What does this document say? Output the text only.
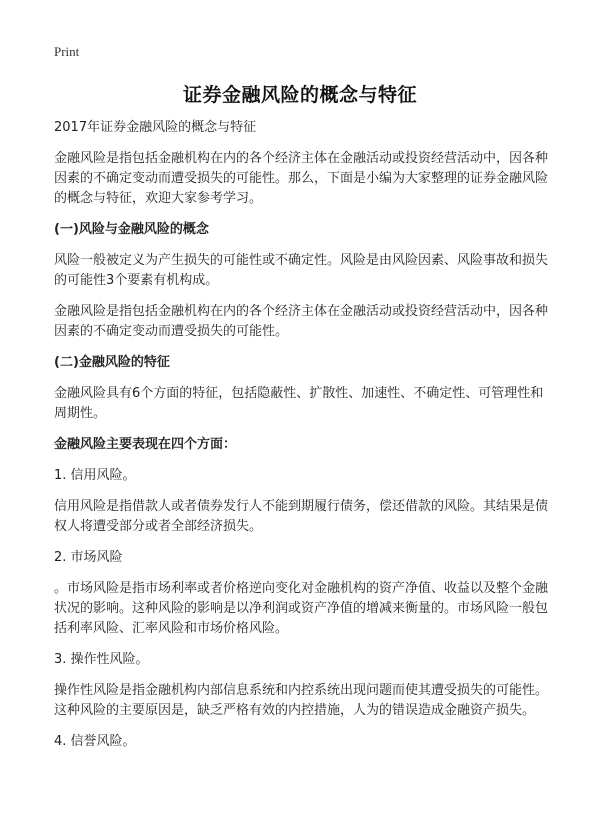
Print
证券金融风险的概念与特征
2017年证券金融风险的概念与特征
金融风险是指包括金融机构在内的各个经济主体在金融活动或投资经营活动中，因各种因素的不确定变动而遭受损失的可能性。那么，下面是小编为大家整理的证券金融风险的概念与特征，欢迎大家参考学习。
(一)风险与金融风险的概念
风险一般被定义为产生损失的可能性或不确定性。风险是由风险因素、风险事故和损失的可能性3个要素有机构成。
金融风险是指包括金融机构在内的各个经济主体在金融活动或投资经营活动中，因各种因素的不确定变动而遭受损失的可能性。
(二)金融风险的特征
金融风险具有6个方面的特征，包括隐蔽性、扩散性、加速性、不确定性、可管理性和周期性。
金融风险主要表现在四个方面：
1. 信用风险。
信用风险是指借款人或者债券发行人不能到期履行债务，偿还借款的风险。其结果是债权人将遭受部分或者全部经济损失。
2. 市场风险
。市场风险是指市场利率或者价格逆向变化对金融机构的资产净值、收益以及整个金融状况的影响。这种风险的影响是以净利润或资产净值的增减来衡量的。市场风险一般包括利率风险、汇率风险和市场价格风险。
3. 操作性风险。
操作性风险是指金融机构内部信息系统和内控系统出现问题而使其遭受损失的可能性。这种风险的主要原因是，缺乏严格有效的内控措施，人为的错误造成金融资产损失。
4. 信誉风险。
